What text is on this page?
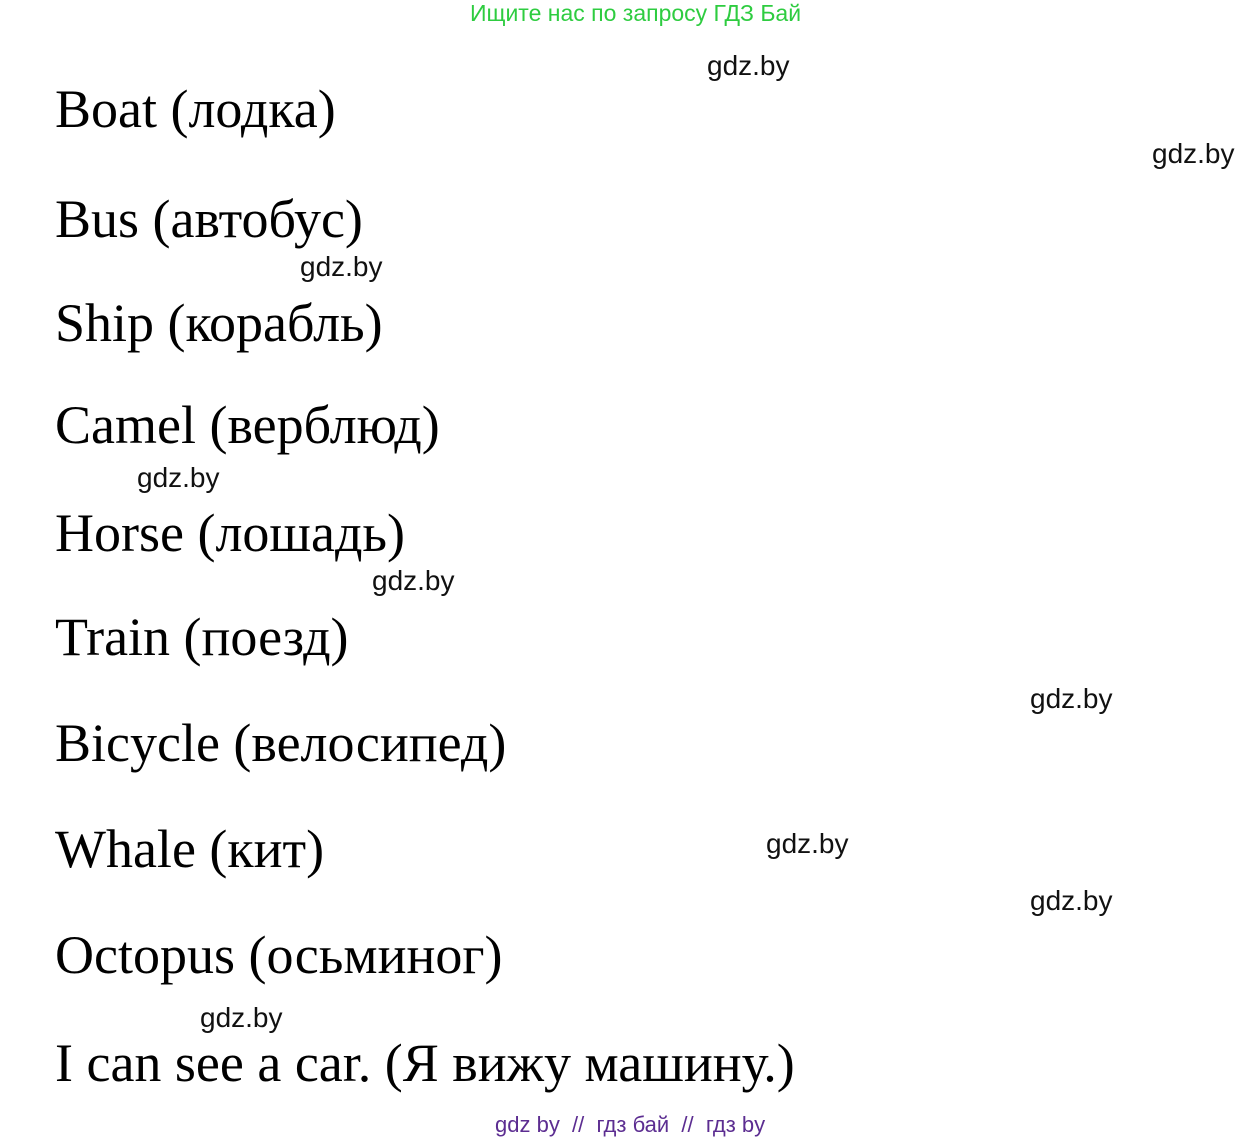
Ищите нас по запросу ГДЗ Бай
gdz.by
gdz.by
gdz.by
gdz.by
gdz.by
gdz.by
gdz.by
gdz.by
gdz.by
Boat (лодка)
Bus (автобус)
Ship (корабль)
Camel (верблюд)
Horse (лошадь)
Train (поезд)
Bicycle (велосипед)
Whale (кит)
Octopus (осьминог)
I can see a car. (Я вижу машину.)
gdz by  //  гдз бай  //  гдз by
